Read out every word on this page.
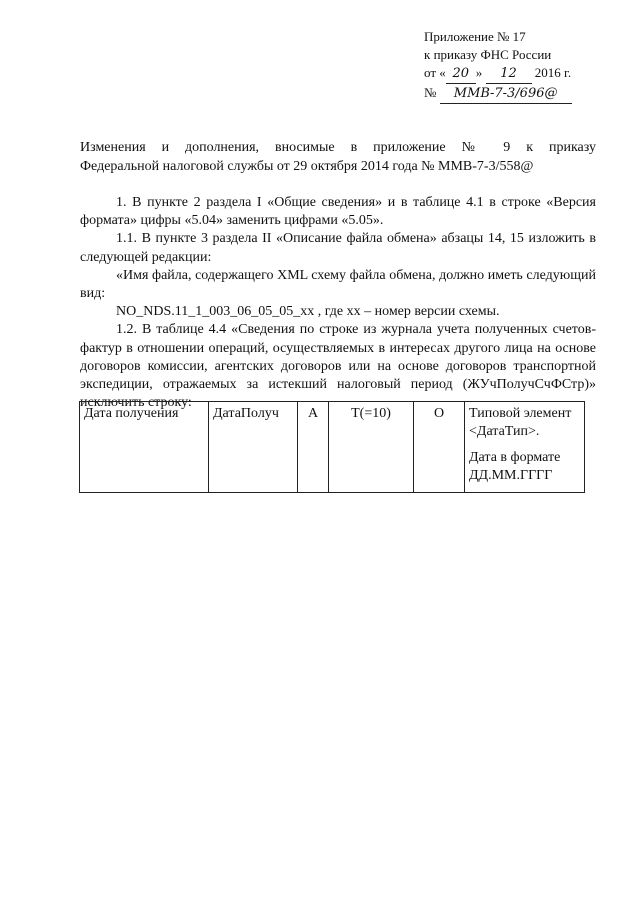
Приложение № 17
к приказу ФНС России
от « 20 » 12 2016 г.
№ ММВ-7-3/696@
Изменения и дополнения, вносимые в приложение № 9 к приказу
Федеральной налоговой службы от 29 октября 2014 года № ММВ-7-3/558@

1. В пункте 2 раздела I «Общие сведения» и в таблице 4.1 в строке «Версия формата» цифры «5.04» заменить цифрами «5.05».

1.1. В пункте 3 раздела II «Описание файла обмена» абзацы 14, 15 изложить в следующей редакции:

«Имя файла, содержащего XML схему файла обмена, должно иметь следующий вид:

NO_NDS.11_1_003_06_05_05_xx , где xx – номер версии схемы.

1.2. В таблице 4.4 «Сведения по строке из журнала учета полученных счетов-фактур в отношении операций, осуществляемых в интересах другого лица на основе договоров комиссии, агентских договоров или на основе договоров транспортной экспедиции, отражаемых за истекший налоговый период (ЖУчПолучСчФСтр)» исключить строку:

Дата получения	ДатаПолуч	А	Т(=10)	О	Типовой элемент
<ДатаТип>.
Дата в формате
ДД.ММ.ГГГГ
